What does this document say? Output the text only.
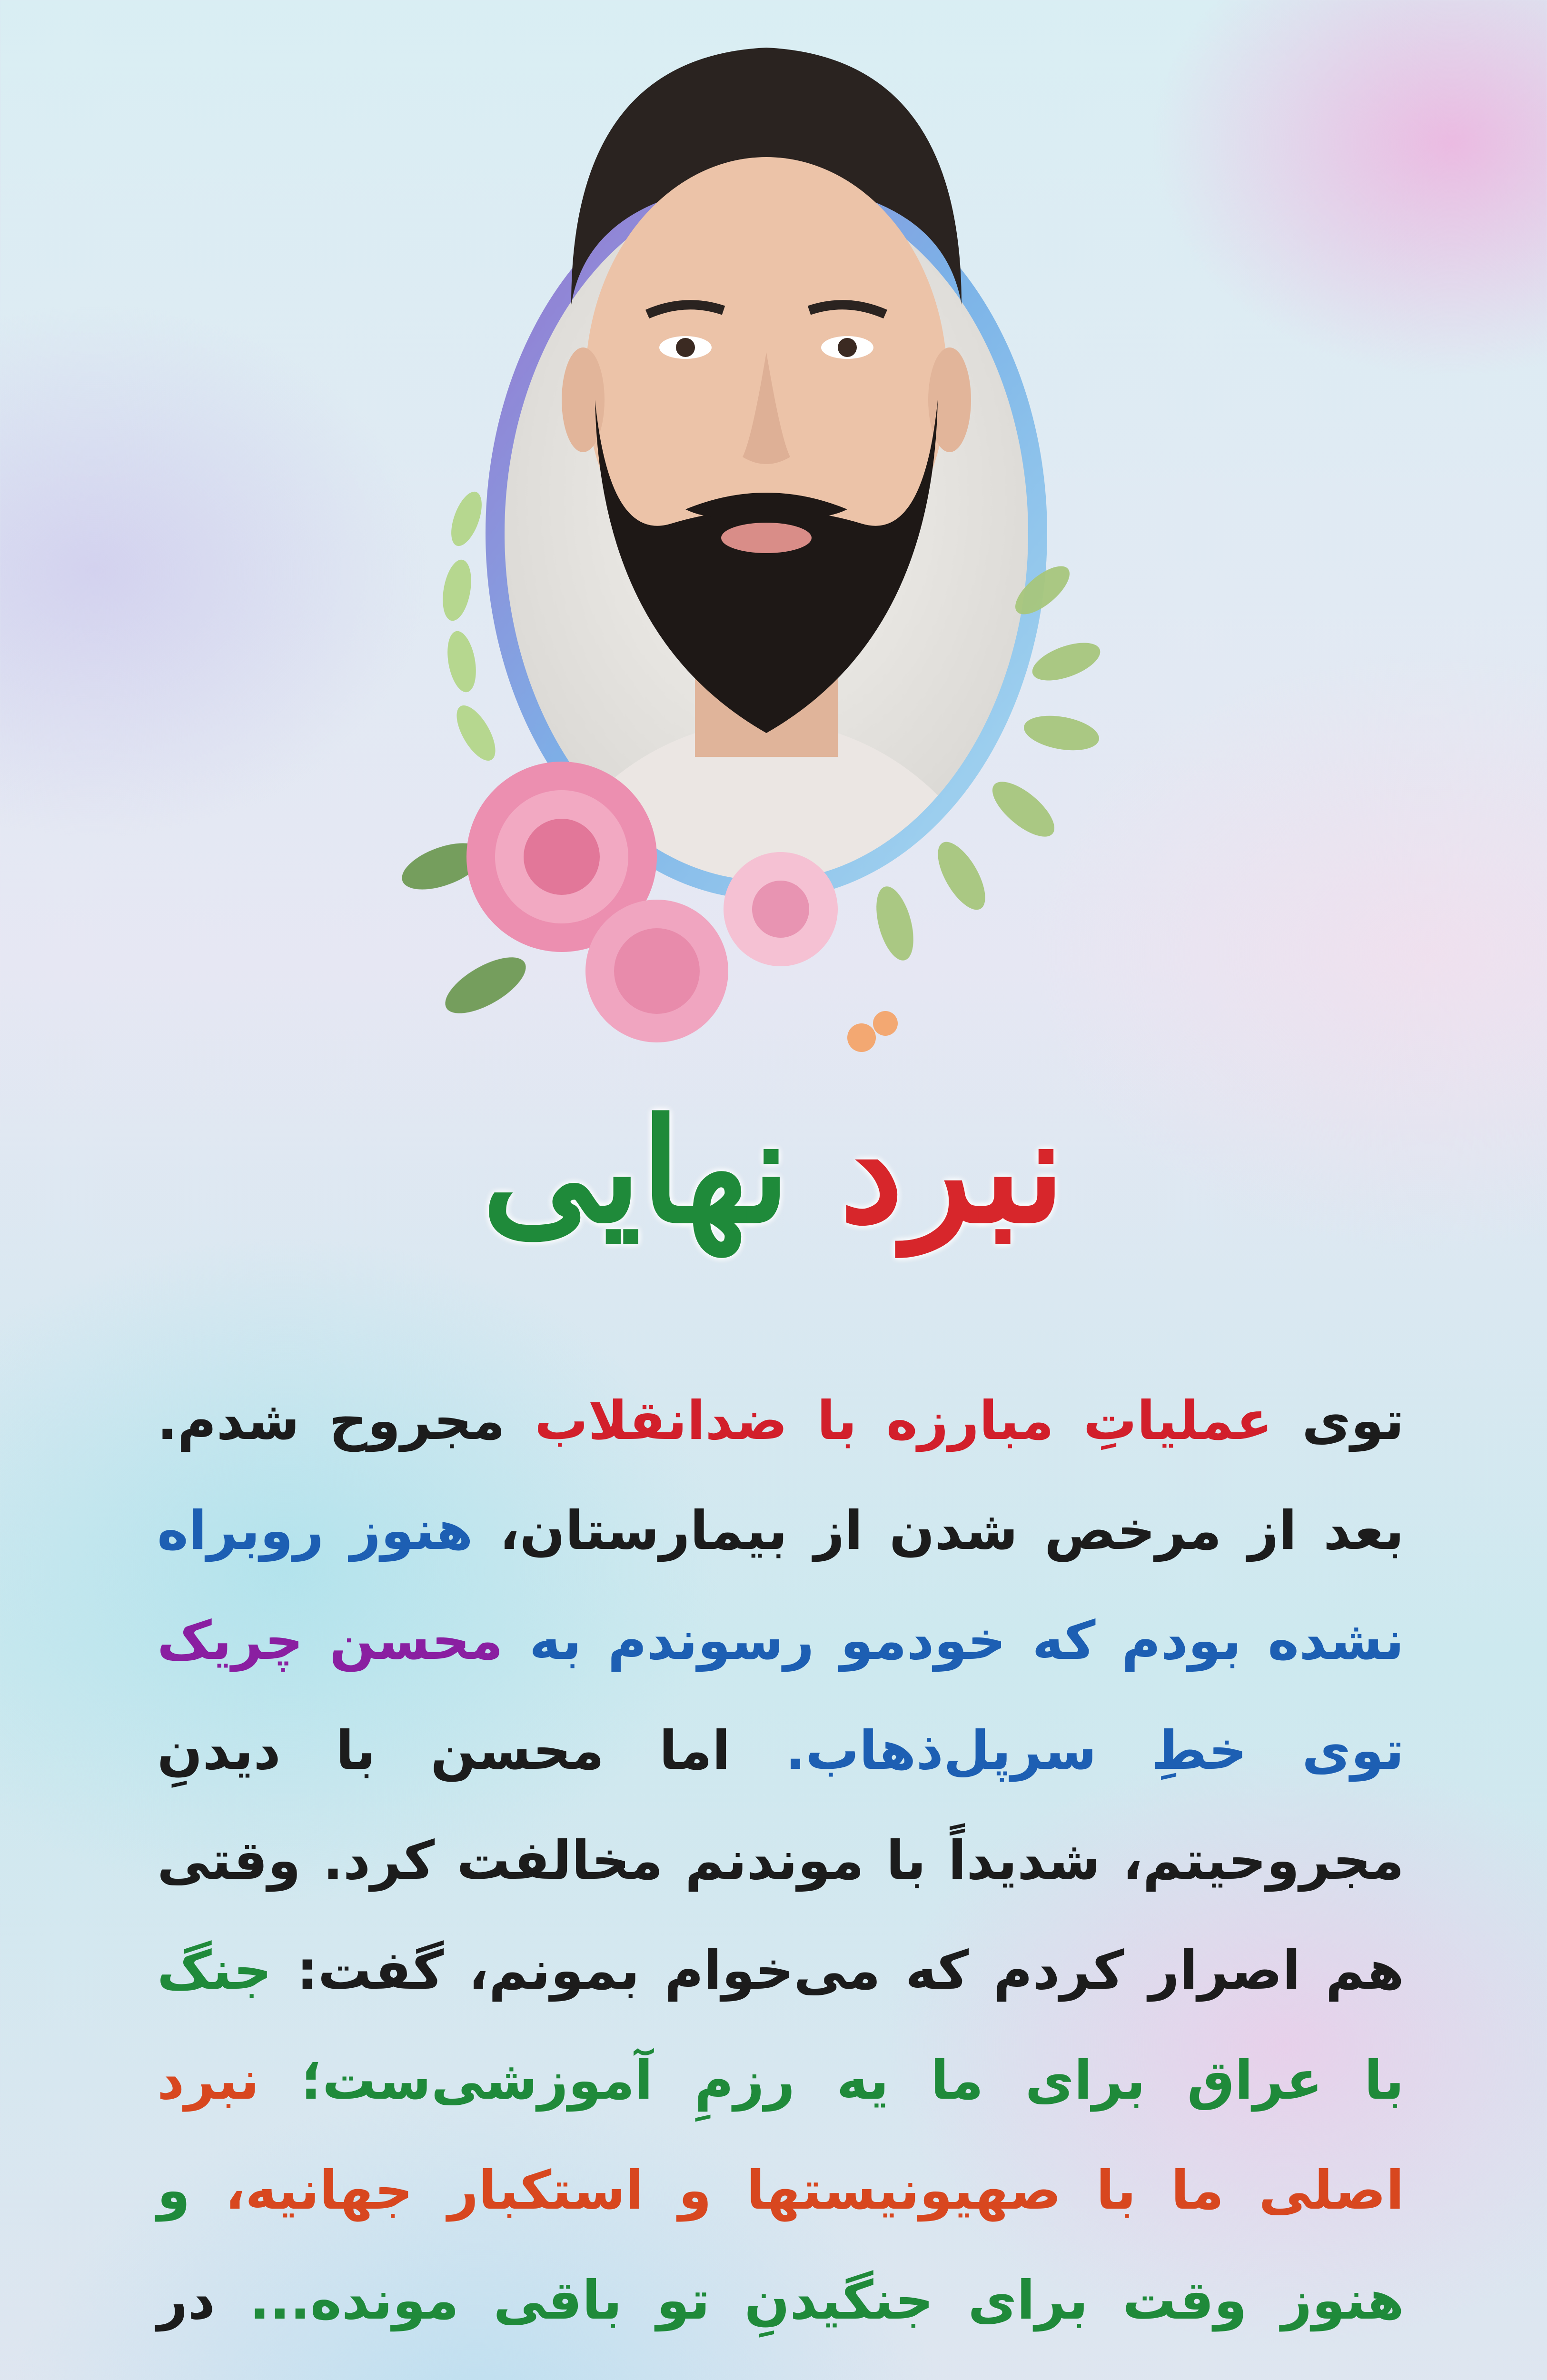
نبرد نهایی
توی عملیاتِ مبارزه با ضدانقلاب مجروح شدم. بعد از مرخص شدن از بیمارستان، هنوز روبراه نشده بودم که خودمو رسوندم به محسن چریک توی خطِ سرپل‌ذهاب. اما محسن با دیدنِ مجروحیتم، شدیداً با موندنم مخالفت کرد. وقتی هم اصرار کردم که می‌خوام بمونم، گفت: جنگ با عراق برای ما یه رزمِ آموزشی‌ست؛ نبرد اصلی ما با صهیونیستها و استکبار جهانیه، و هنوز وقت برای جنگیدنِ تو باقی مونده... در
